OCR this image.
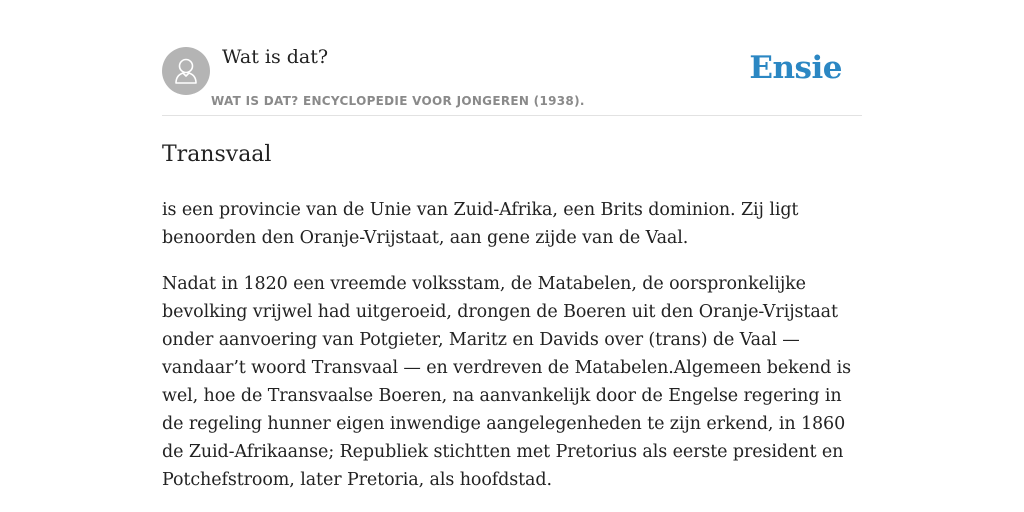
Wat is dat?
WAT IS DAT? ENCYCLOPEDIE VOOR JONGEREN (1938).
Ensie
Transvaal

is een provincie van de Unie van Zuid-Afrika, een Brits dominion. Zij ligt benoorden den Oranje-Vrijstaat, aan gene zijde van de Vaal.

Nadat in 1820 een vreemde volksstam, de Matabelen, de oorspronkelijke bevolking vrijwel had uitgeroeid, drongen de Boeren uit den Oranje-Vrijstaat onder aanvoering van Potgieter, Maritz en Davids over (trans) de Vaal — vandaar’t woord Transvaal — en verdreven de Matabelen.Algemeen bekend is wel, hoe de Transvaalse Boeren, na aanvankelijk door de Engelse regering in de regeling hunner eigen inwendige aangelegenheden te zijn erkend, in 1860 de Zuid-Afrikaanse; Republiek stichtten met Pretorius als eerste president en Potchefstroom, later Pretoria, als hoofdstad.
